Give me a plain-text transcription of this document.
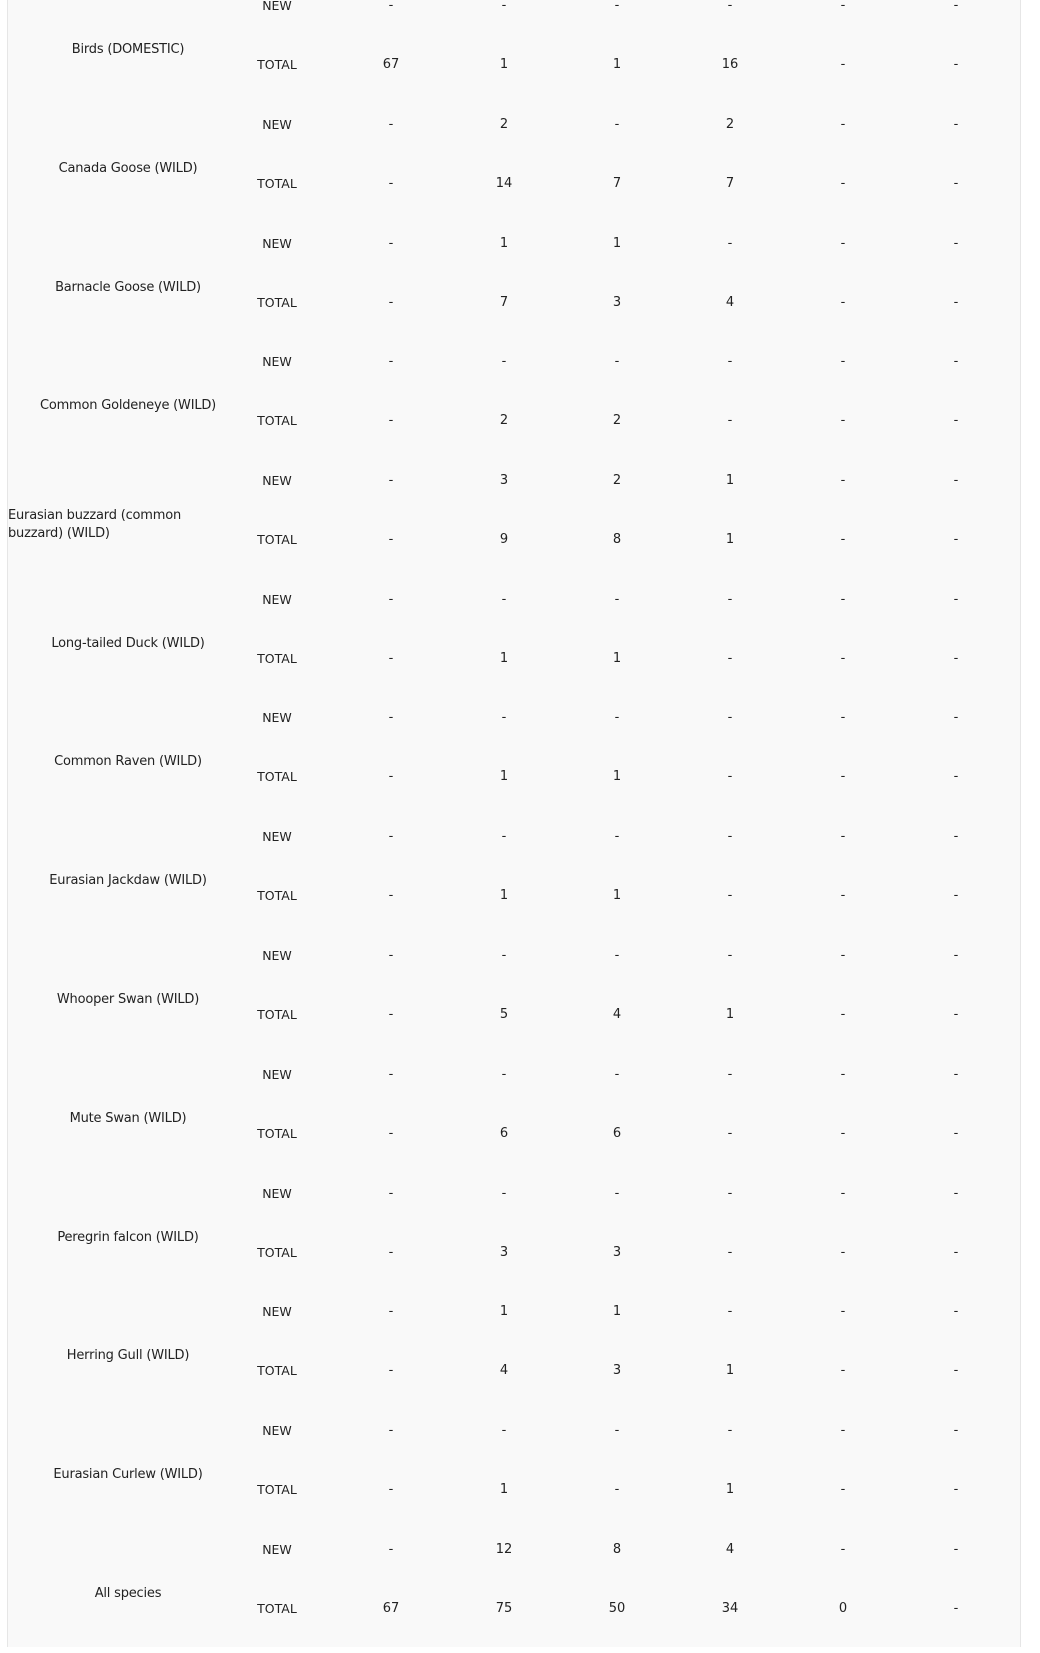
Birds (DOMESTIC)
NEW	-	-	-	-	-	-
TOTAL	67	1	1	16	-	-
Canada Goose (WILD)
NEW	-	2	-	2	-	-
TOTAL	-	14	7	7	-	-
Barnacle Goose (WILD)
NEW	-	1	1	-	-	-
TOTAL	-	7	3	4	-	-
Common Goldeneye (WILD)
NEW	-	-	-	-	-	-
TOTAL	-	2	2	-	-	-
Eurasian buzzard (common buzzard) (WILD)
NEW	-	3	2	1	-	-
TOTAL	-	9	8	1	-	-
Long-tailed Duck (WILD)
NEW	-	-	-	-	-	-
TOTAL	-	1	1	-	-	-
Common Raven (WILD)
NEW	-	-	-	-	-	-
TOTAL	-	1	1	-	-	-
Eurasian Jackdaw (WILD)
NEW	-	-	-	-	-	-
TOTAL	-	1	1	-	-	-
Whooper Swan (WILD)
NEW	-	-	-	-	-	-
TOTAL	-	5	4	1	-	-
Mute Swan (WILD)
NEW	-	-	-	-	-	-
TOTAL	-	6	6	-	-	-
Peregrin falcon (WILD)
NEW	-	-	-	-	-	-
TOTAL	-	3	3	-	-	-
Herring Gull (WILD)
NEW	-	1	1	-	-	-
TOTAL	-	4	3	1	-	-
Eurasian Curlew (WILD)
NEW	-	-	-	-	-	-
TOTAL	-	1	-	1	-	-
All species
NEW	-	12	8	4	-	-
TOTAL	67	75	50	34	0	-
